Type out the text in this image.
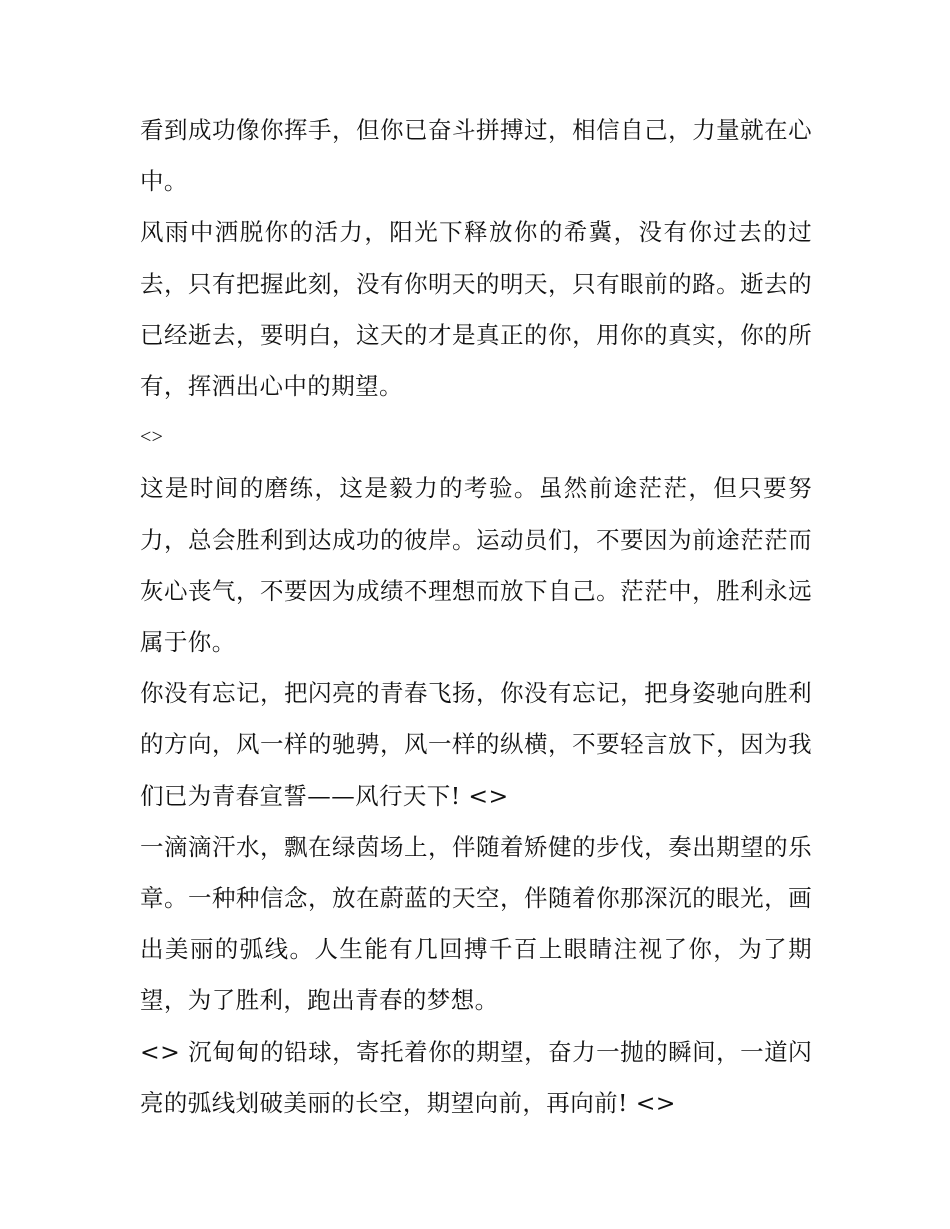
看到成功像你挥手，但你已奋斗拼搏过，相信自己，力量就在心中。

风雨中洒脱你的活力，阳光下释放你的希冀，没有你过去的过去，只有把握此刻，没有你明天的明天，只有眼前的路。逝去的已经逝去，要明白，这天的才是真正的你，用你的真实，你的所有，挥洒出心中的期望。

<>

这是时间的磨练，这是毅力的考验。虽然前途茫茫，但只要努力，总会胜利到达成功的彼岸。运动员们，不要因为前途茫茫而灰心丧气，不要因为成绩不理想而放下自己。茫茫中，胜利永远属于你。

你没有忘记，把闪亮的青春飞扬，你没有忘记，把身姿驰向胜利的方向，风一样的驰骋，风一样的纵横，不要轻言放下，因为我们已为青春宣誓——风行天下! <>

一滴滴汗水，飘在绿茵场上，伴随着矫健的步伐，奏出期望的乐章。一种种信念，放在蔚蓝的天空，伴随着你那深沉的眼光，画出美丽的弧线。人生能有几回搏千百上眼睛注视了你，为了期望，为了胜利，跑出青春的梦想。

<> 沉甸甸的铅球，寄托着你的期望，奋力一抛的瞬间，一道闪亮的弧线划破美丽的长空，期望向前，再向前! <>
